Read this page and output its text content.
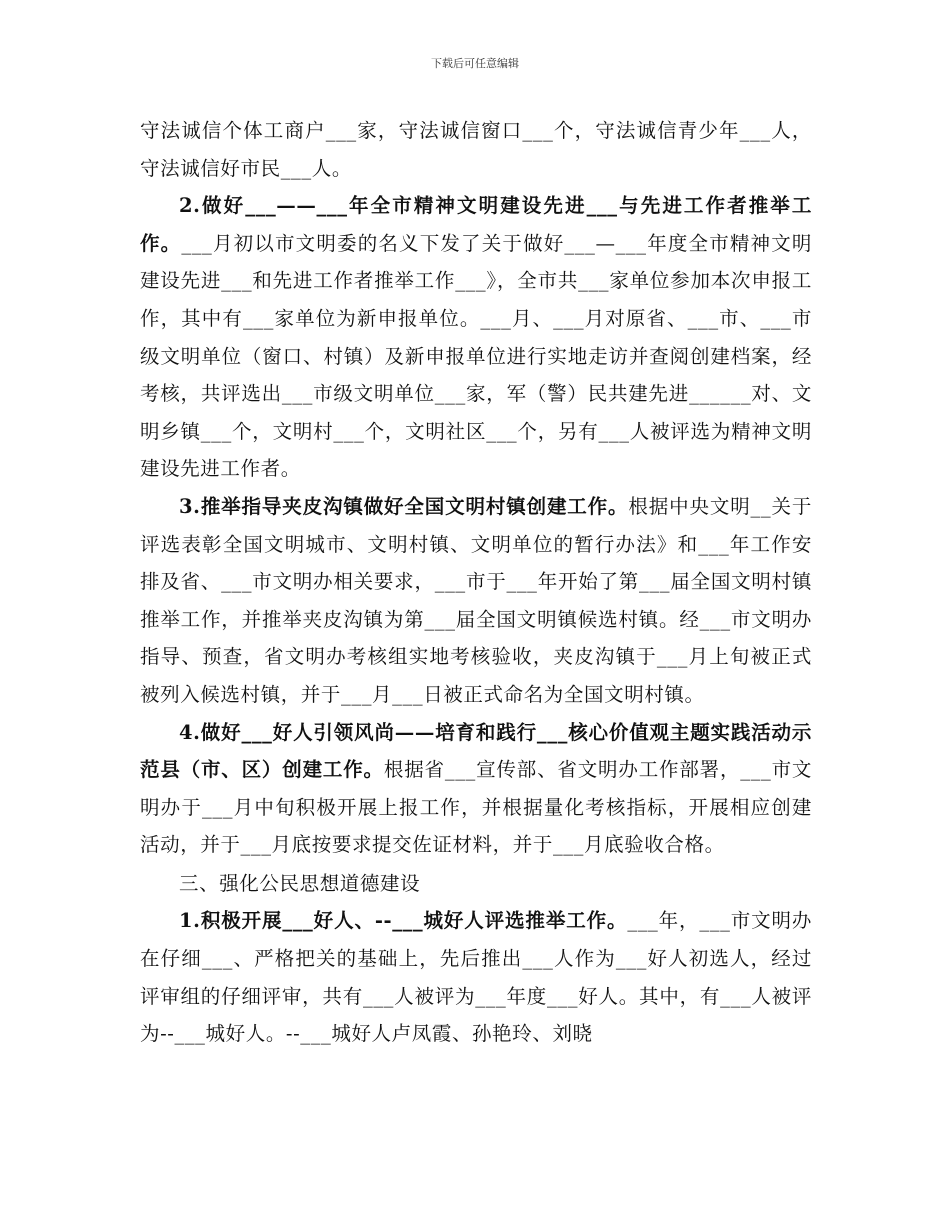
下载后可任意编辑

守法诚信个体工商户___家，守法诚信窗口___个，守法诚信青少年___人，守法诚信好市民___人。

2.做好___——___年全市精神文明建设先进___与先进工作者推举工作。___月初以市文明委的名义下发了关于做好___—___年度全市精神文明建设先进___和先进工作者推举工作___》，全市共___家单位参加本次申报工作，其中有___家单位为新申报单位。___月、___月对原省、___市、___市级文明单位（窗口、村镇）及新申报单位进行实地走访并查阅创建档案，经考核，共评选出___市级文明单位___家，军（警）民共建先进______对、文明乡镇___个，文明村___个，文明社区___个，另有___人被评选为精神文明建设先进工作者。

3.推举指导夹皮沟镇做好全国文明村镇创建工作。根据中央文明__关于评选表彰全国文明城市、文明村镇、文明单位的暂行办法》和___年工作安排及省、___市文明办相关要求，___市于___年开始了第___届全国文明村镇推举工作，并推举夹皮沟镇为第___届全国文明镇候选村镇。经___市文明办指导、预查，省文明办考核组实地考核验收，夹皮沟镇于___月上旬被正式被列入候选村镇，并于___月___日被正式命名为全国文明村镇。

4.做好___好人引领风尚——培育和践行___核心价值观主题实践活动示范县（市、区）创建工作。根据省___宣传部、省文明办工作部署，___市文明办于___月中旬积极开展上报工作，并根据量化考核指标，开展相应创建活动，并于___月底按要求提交佐证材料，并于___月底验收合格。

三、强化公民思想道德建设

1.积极开展___好人、--___城好人评选推举工作。___年，___市文明办在仔细___、严格把关的基础上，先后推出___人作为___好人初选人，经过评审组的仔细评审，共有___人被评为___年度___好人。其中，有___人被评为--___城好人。--___城好人卢凤霞、孙艳玲、刘晓
